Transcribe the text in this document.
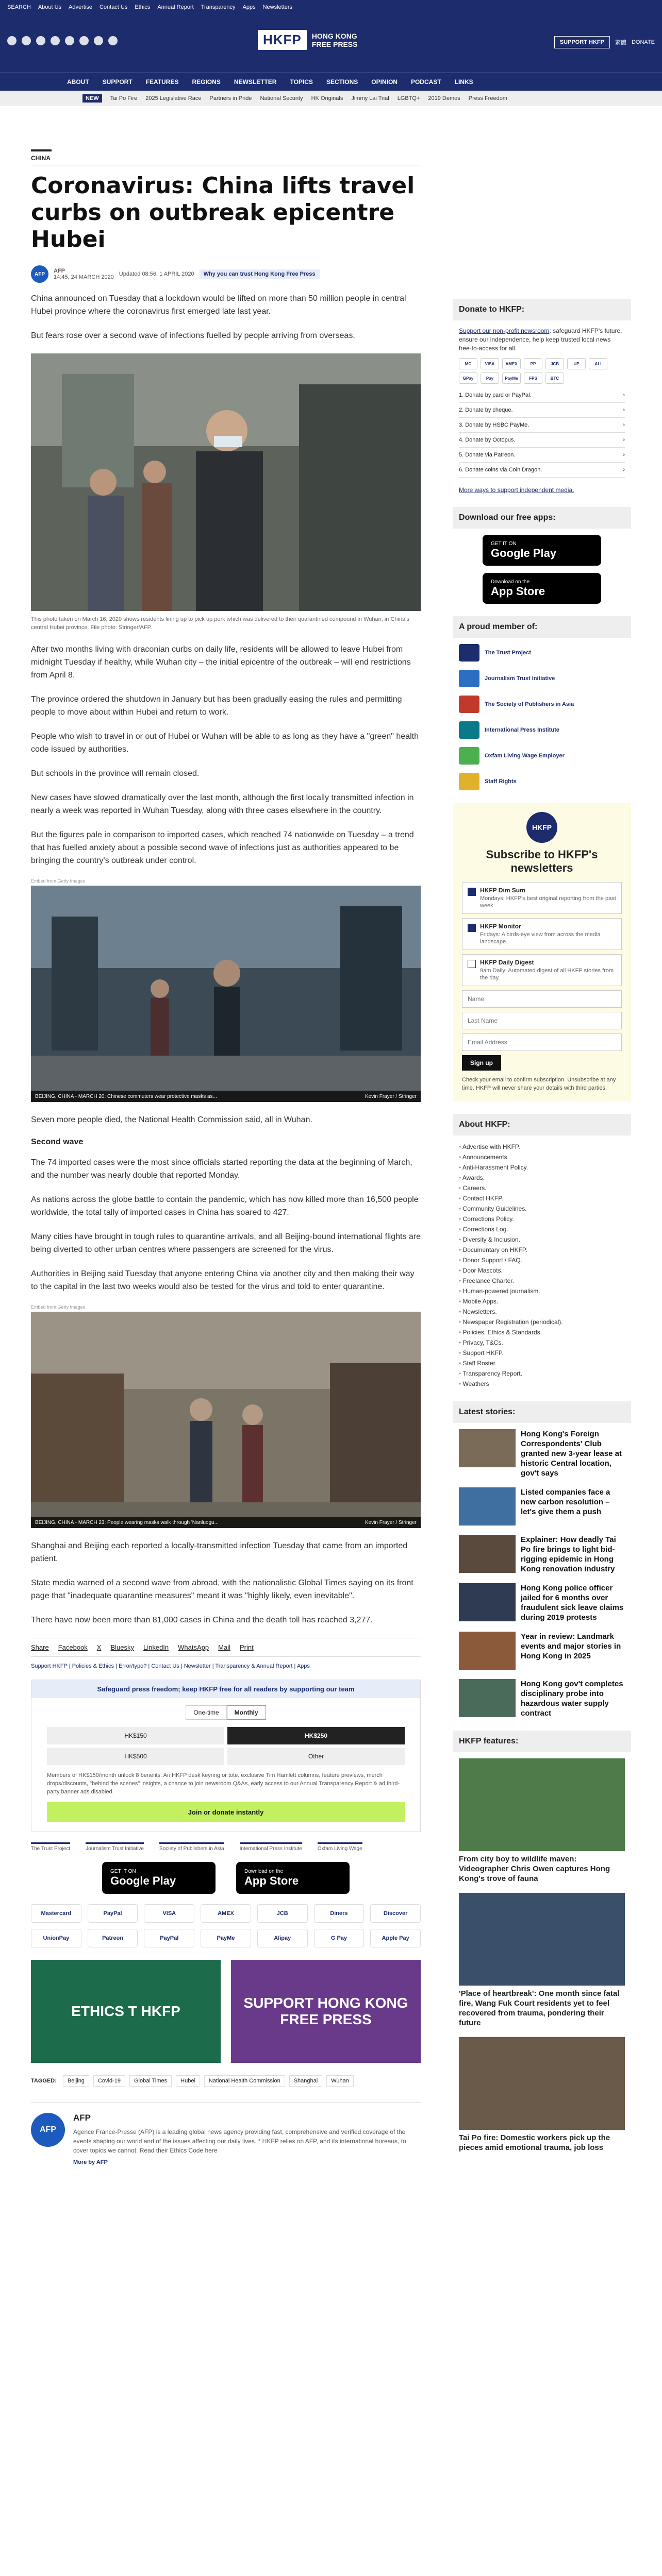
SEARCH About Us Advertise Contact Us Ethics Annual Report Transparency Apps Newsletters
HKFP	HONG KONG
FREE PRESS	SUPPORT HKFP	繁體 DONATE
ABOUT SUPPORT FEATURES REGIONS NEWSLETTER TOPICS SECTIONS OPINION PODCAST LINKS
NEW	Tai Po Fire 2025 Legislative Race Partners in Pride National Security HK Originals Jimmy Lai Trial LGBTQ+ 2019 Demos Press Freedom
CHINA
Coronavirus: China lifts travel curbs on outbreak epicentre Hubei
AFP	AFP
14:45, 24 MARCH 2020 Updated 08:56, 1 APRIL 2020	Why you can trust Hong Kong Free Press

China announced on Tuesday that a lockdown would be lifted on more than 50 million people in central Hubei province where the coronavirus first emerged late last year.

But fears rose over a second wave of infections fuelled by people arriving from overseas.

This photo taken on March 16, 2020 shows residents lining up to pick up pork which was delivered to their quarantined compound in Wuhan, in China's central Hubei province. File photo: Stringer/AFP.

After two months living with draconian curbs on daily life, residents will be allowed to leave Hubei from midnight Tuesday if healthy, while Wuhan city – the initial epicentre of the outbreak – will end restrictions from April 8.

The province ordered the shutdown in January but has been gradually easing the rules and permitting people to move about within Hubei and return to work.

People who wish to travel in or out of Hubei or Wuhan will be able to as long as they have a "green" health code issued by authorities.

But schools in the province will remain closed.

New cases have slowed dramatically over the last month, although the first locally transmitted infection in nearly a week was reported in Wuhan Tuesday, along with three cases elsewhere in the country.

But the figures pale in comparison to imported cases, which reached 74 nationwide on Tuesday – a trend that has fuelled anxiety about a possible second wave of infections just as authorities appeared to be bringing the country's outbreak under control.

Embed from Getty Images
BEIJING, CHINA - MARCH 20: Chinese commuters wear protective masks as...	Kevin Frayer / Stringer

Seven more people died, the National Health Commission said, all in Wuhan.

Second wave

The 74 imported cases were the most since officials started reporting the data at the beginning of March, and the number was nearly double that reported Monday.

As nations across the globe battle to contain the pandemic, which has now killed more than 16,500 people worldwide, the total tally of imported cases in China has soared to 427.

Many cities have brought in tough rules to quarantine arrivals, and all Beijing-bound international flights are being diverted to other urban centres where passengers are screened for the virus.

Authorities in Beijing said Tuesday that anyone entering China via another city and then making their way to the capital in the last two weeks would also be tested for the virus and told to enter quarantine.

Embed from Getty Images
BEIJING, CHINA - MARCH 23: People wearing masks walk through 'Nanluogu...	Kevin Frayer / Stringer

Shanghai and Beijing each reported a locally-transmitted infection Tuesday that came from an imported patient.

State media warned of a second wave from abroad, with the nationalistic Global Times saying on its front page that "inadequate quarantine measures" meant it was "highly likely, even inevitable".

There have now been more than 81,000 cases in China and the death toll has reached 3,277.

Share Facebook X Bluesky LinkedIn WhatsApp Mail Print
Support HKFP | Policies & Ethics | Error/typo? | Contact Us | Newsletter | Transparency & Annual Report | Apps
Safeguard press freedom; keep HKFP free for all readers by supporting our team
One-time	Monthly
HK$150	HK$250
HK$500	Other
Members of HK$150/month unlock 8 benefits: An HKFP desk keyring or tote, exclusive Tim Hamlett columns, feature previews, merch drops/discounts, "behind the scenes" insights, a chance to join newsroom Q&As, early access to our Annual Transparency Report & ad third-party banner ads disabled.
Join or donate instantly
The Trust Project	Journalism Trust Initiative	Society of Publishers in Asia	International Press Institute	Oxfam Living Wage
GET IT ON
Google Play
Download on the
App Store
Mastercard	PayPal	VISA	AMEX	JCB	Diners	Discover
UnionPay	Patreon	PayPal	PayMe	Alipay	G Pay	Apple Pay
ETHICS T HKFP
SUPPORT HONG KONG FREE PRESS
TAGGED:	Beijing	Covid-19	Global Times	Hubei	National Health Commission	Shanghai	Wuhan
AFP
AFP

Agence France-Presse (AFP) is a leading global news agency providing fast, comprehensive and verified coverage of the events shaping our world and of the issues affecting our daily lives. * HKFP relies on AFP, and its international bureaus, to cover topics we cannot. Read their Ethics Code here

More by AFP
Donate to HKFP:
Support our non-profit newsroom: safeguard HKFP's future, ensure our independence, help keep trusted local news free-to-access for all.
MC	VISA	AMEX	PP	JCB	UP	ALI
GPay	Pay	PayMe	FPS	BTC
1. Donate by card or PayPal.	›
2. Donate by cheque.	›
3. Donate by HSBC PayMe.	›
4. Donate by Octopus.	›
5. Donate via Patreon.	›
6. Donate coins via Coin Dragon.	›
More ways to support independent media.
Download our free apps:
GET IT ON
Google Play
Download on the
App Store
A proud member of:
The Trust Project
Journalism Trust Initiative
The Society of Publishers in Asia
International Press Institute
Oxfam Living Wage Employer
Staff Rights
HKFP
Subscribe to HKFP's newsletters
HKFP Dim Sum
Mondays: HKFP's best original reporting from the past week.
HKFP Monitor
Fridays: A birds-eye view from across the media landscape.
HKFP Daily Digest
9am Daily: Automated digest of all HKFP stories from the day.
Name Last Name Email Address Sign up
Check your email to confirm subscription. Unsubscribe at any time. HKFP will never share your details with third parties.
About HKFP:
• Advertise with HKFP.
• Announcements.
• Anti-Harassment Policy.
• Awards.
• Careers.
• Contact HKFP.
• Community Guidelines.
• Corrections Policy.
• Corrections Log.
• Diversity & Inclusion.
• Documentary on HKFP.
• Donor Support / FAQ.
• Door Mascots.
• Freelance Charter.
• Human-powered journalism.
• Mobile Apps.
• Newsletters.
• Newspaper Registration (periodical).
• Policies, Ethics & Standards.
• Privacy, T&Cs.
• Support HKFP.
• Staff Roster.
• Transparency Report.
• Weathers
Latest stories:
Hong Kong's Foreign Correspondents' Club granted new 3-year lease at historic Central location, gov't says
Listed companies face a new carbon resolution – let's give them a push
Explainer: How deadly Tai Po fire brings to light bid-rigging epidemic in Hong Kong renovation industry
Hong Kong police officer jailed for 6 months over fraudulent sick leave claims during 2019 protests
Year in review: Landmark events and major stories in Hong Kong in 2025
Hong Kong gov't completes disciplinary probe into hazardous water supply contract
HKFP features:
From city boy to wildlife maven: Videographer Chris Owen captures Hong Kong's trove of fauna
'Place of heartbreak': One month since fatal fire, Wang Fuk Court residents yet to feel recovered from trauma, pondering their future
Tai Po fire: Domestic workers pick up the pieces amid emotional trauma, job loss
